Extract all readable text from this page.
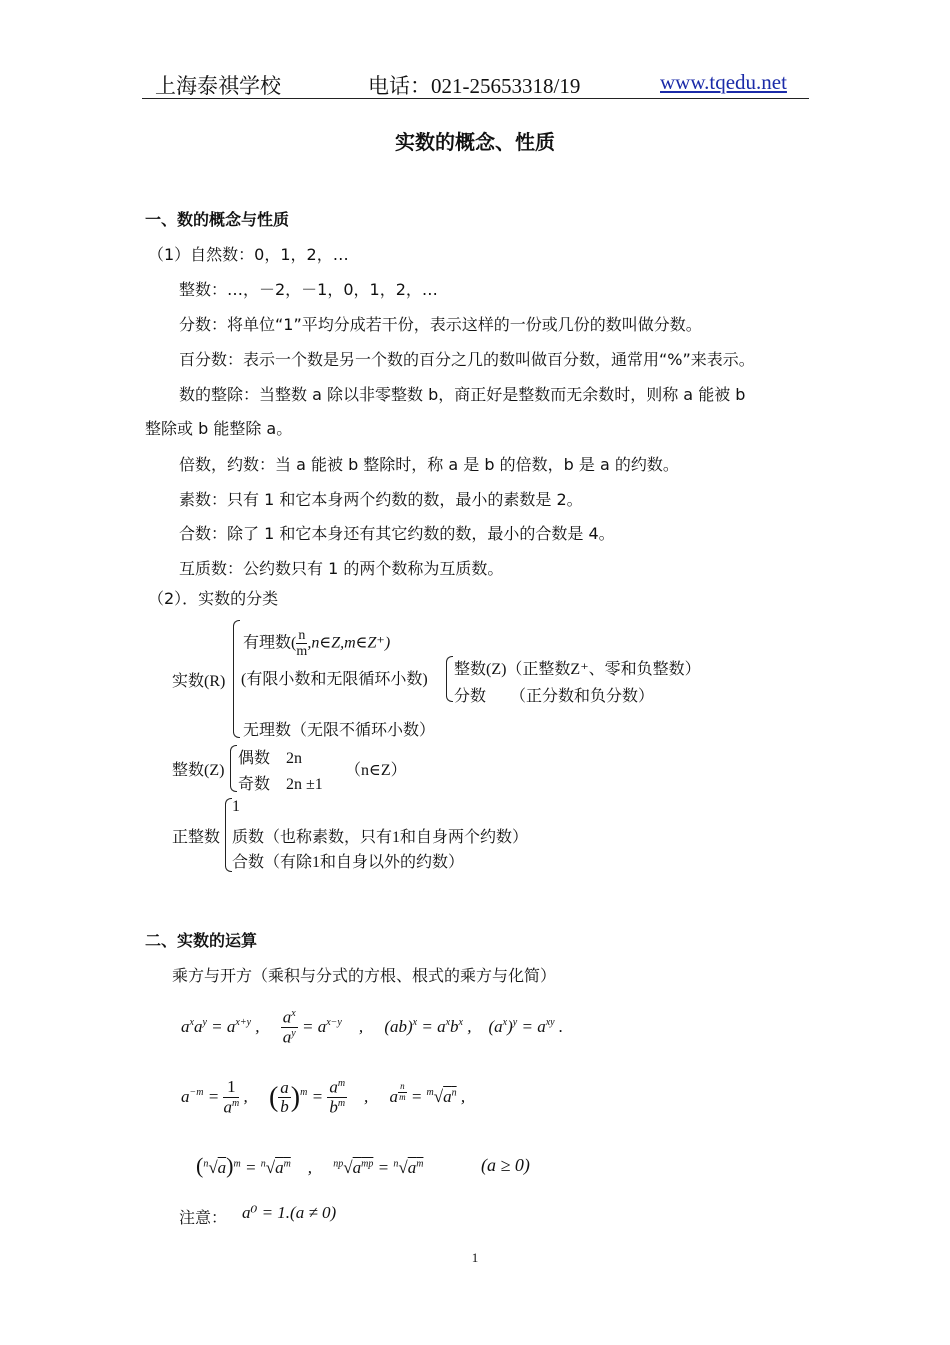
上海泰祺学校	电话：021-25653318/19	www.tqedu.net
实数的概念、性质
一、数的概念与性质
（1）自然数：0，1，2，…
整数：…，－2，－1，0，1，2，…
分数：将单位“1”平均分成若干份，表示这样的一份或几份的数叫做分数。
百分数：表示一个数是另一个数的百分之几的数叫做百分数，通常用“%”来表示。
数的整除：当整数 a 除以非零整数 b，商正好是整数而无余数时，则称 a 能被 b
整除或 b 能整除 a。
倍数，约数：当 a 能被 b 整除时，称 a 是 b 的倍数，b 是 a 的约数。
素数：只有 1 和它本身两个约数的数，最小的素数是 2。
合数：除了 1 和它本身还有其它约数的数，最小的合数是 4。
互质数：公约数只有 1 的两个数称为互质数。
（2）．实数的分类
实数(R)
有理数( $\frac{n}{m}$ ,n∈Z,m∈Z⁺)
(有限小数和无限循环小数)
整数(Z)（正整数Z⁺、零和负整数）
分数　　（正分数和负分数）
无理数（无限不循环小数）
整数(Z)
偶数　2n
奇数　2n ±1
（n∈Z）
正整数
1
质数（也称素数，只有1和自身两个约数）
合数（有除1和自身以外的约数）
二、实数的运算
乘方与开方（乘积与分式的方根、根式的乘方与化简）
$a^xa^y = a^{x+y}$ ,　 $\frac{a^x}{a^y} = a^{x-y}$　,　 $(ab)^x = a^xb^x$ ,　$(a^x)^y = a^{xy}$ .
$a^{-m} = \frac{1}{a^m}$ ,　 ( $\frac{a}{b} )^m = \frac{a^m}{b^m}$ 　,　 a $^{\frac{n}{m}} = ^m√a^n$ ,
$(^n√a)^m = ^n√a^m$　,　 $^{np}√a^{mp} = ^n√a^m$	(a ≥ 0)
注意： a⁰ = 1.(a ≠ 0)
1
